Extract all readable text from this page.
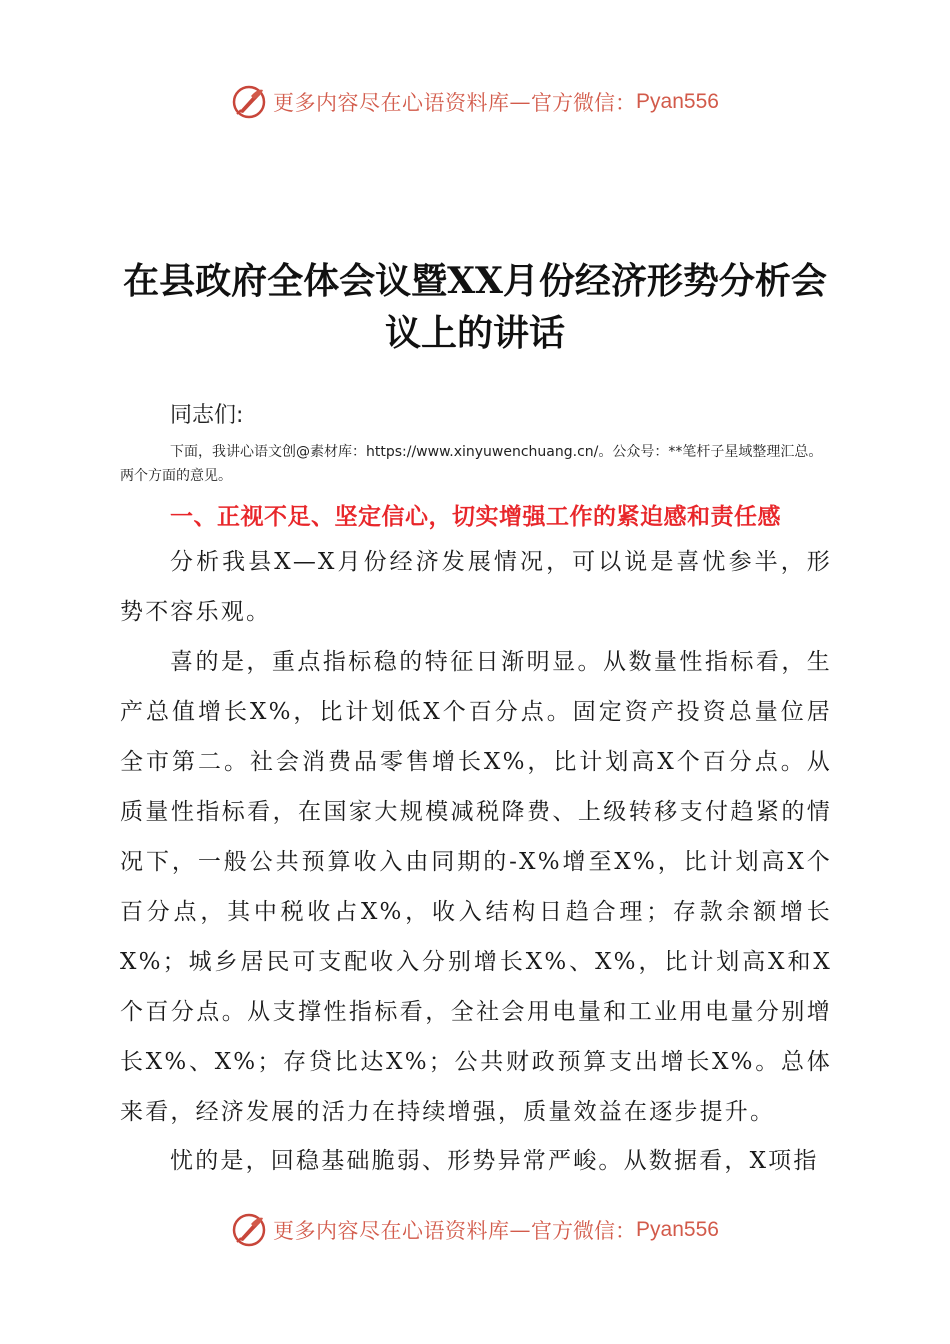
更多内容尽在心语资料库 — 官方微信： Pyan556
在县政府全体会议暨XX月份经济形势分析会
议上的讲话
同志们:
下面，我讲心语文创@素材库：https://www.xinyuwenchuang.cn/。公众号：**笔杆子星域整理汇总。两个方面的意见。
一、正视不足、坚定信心，切实增强工作的紧迫感和责任感
分析我县X—X月份经济发展情况，可以说是喜忧参半，形势不容乐观。
喜的是，重点指标稳的特征日渐明显。从数量性指标看，生产总值增长X%，比计划低X个百分点。固定资产投资总量位居全市第二。社会消费品零售增长X%，比计划高X个百分点。从质量性指标看，在国家大规模减税降费、上级转移支付趋紧的情况下，一般公共预算收入由同期的-X%增至X%，比计划高X个百分点，其中税收占X%，收入结构日趋合理；存款余额增长X%；城乡居民可支配收入分别增长X%、X%，比计划高X和X个百分点。从支撑性指标看，全社会用电量和工业用电量分别增长X%、X%；存贷比达X%；公共财政预算支出增长X%。总体来看，经济发展的活力在持续增强，质量效益在逐步提升。
忧的是，回稳基础脆弱、形势异常严峻。从数据看，X项指
更多内容尽在心语资料库 — 官方微信： Pyan556
